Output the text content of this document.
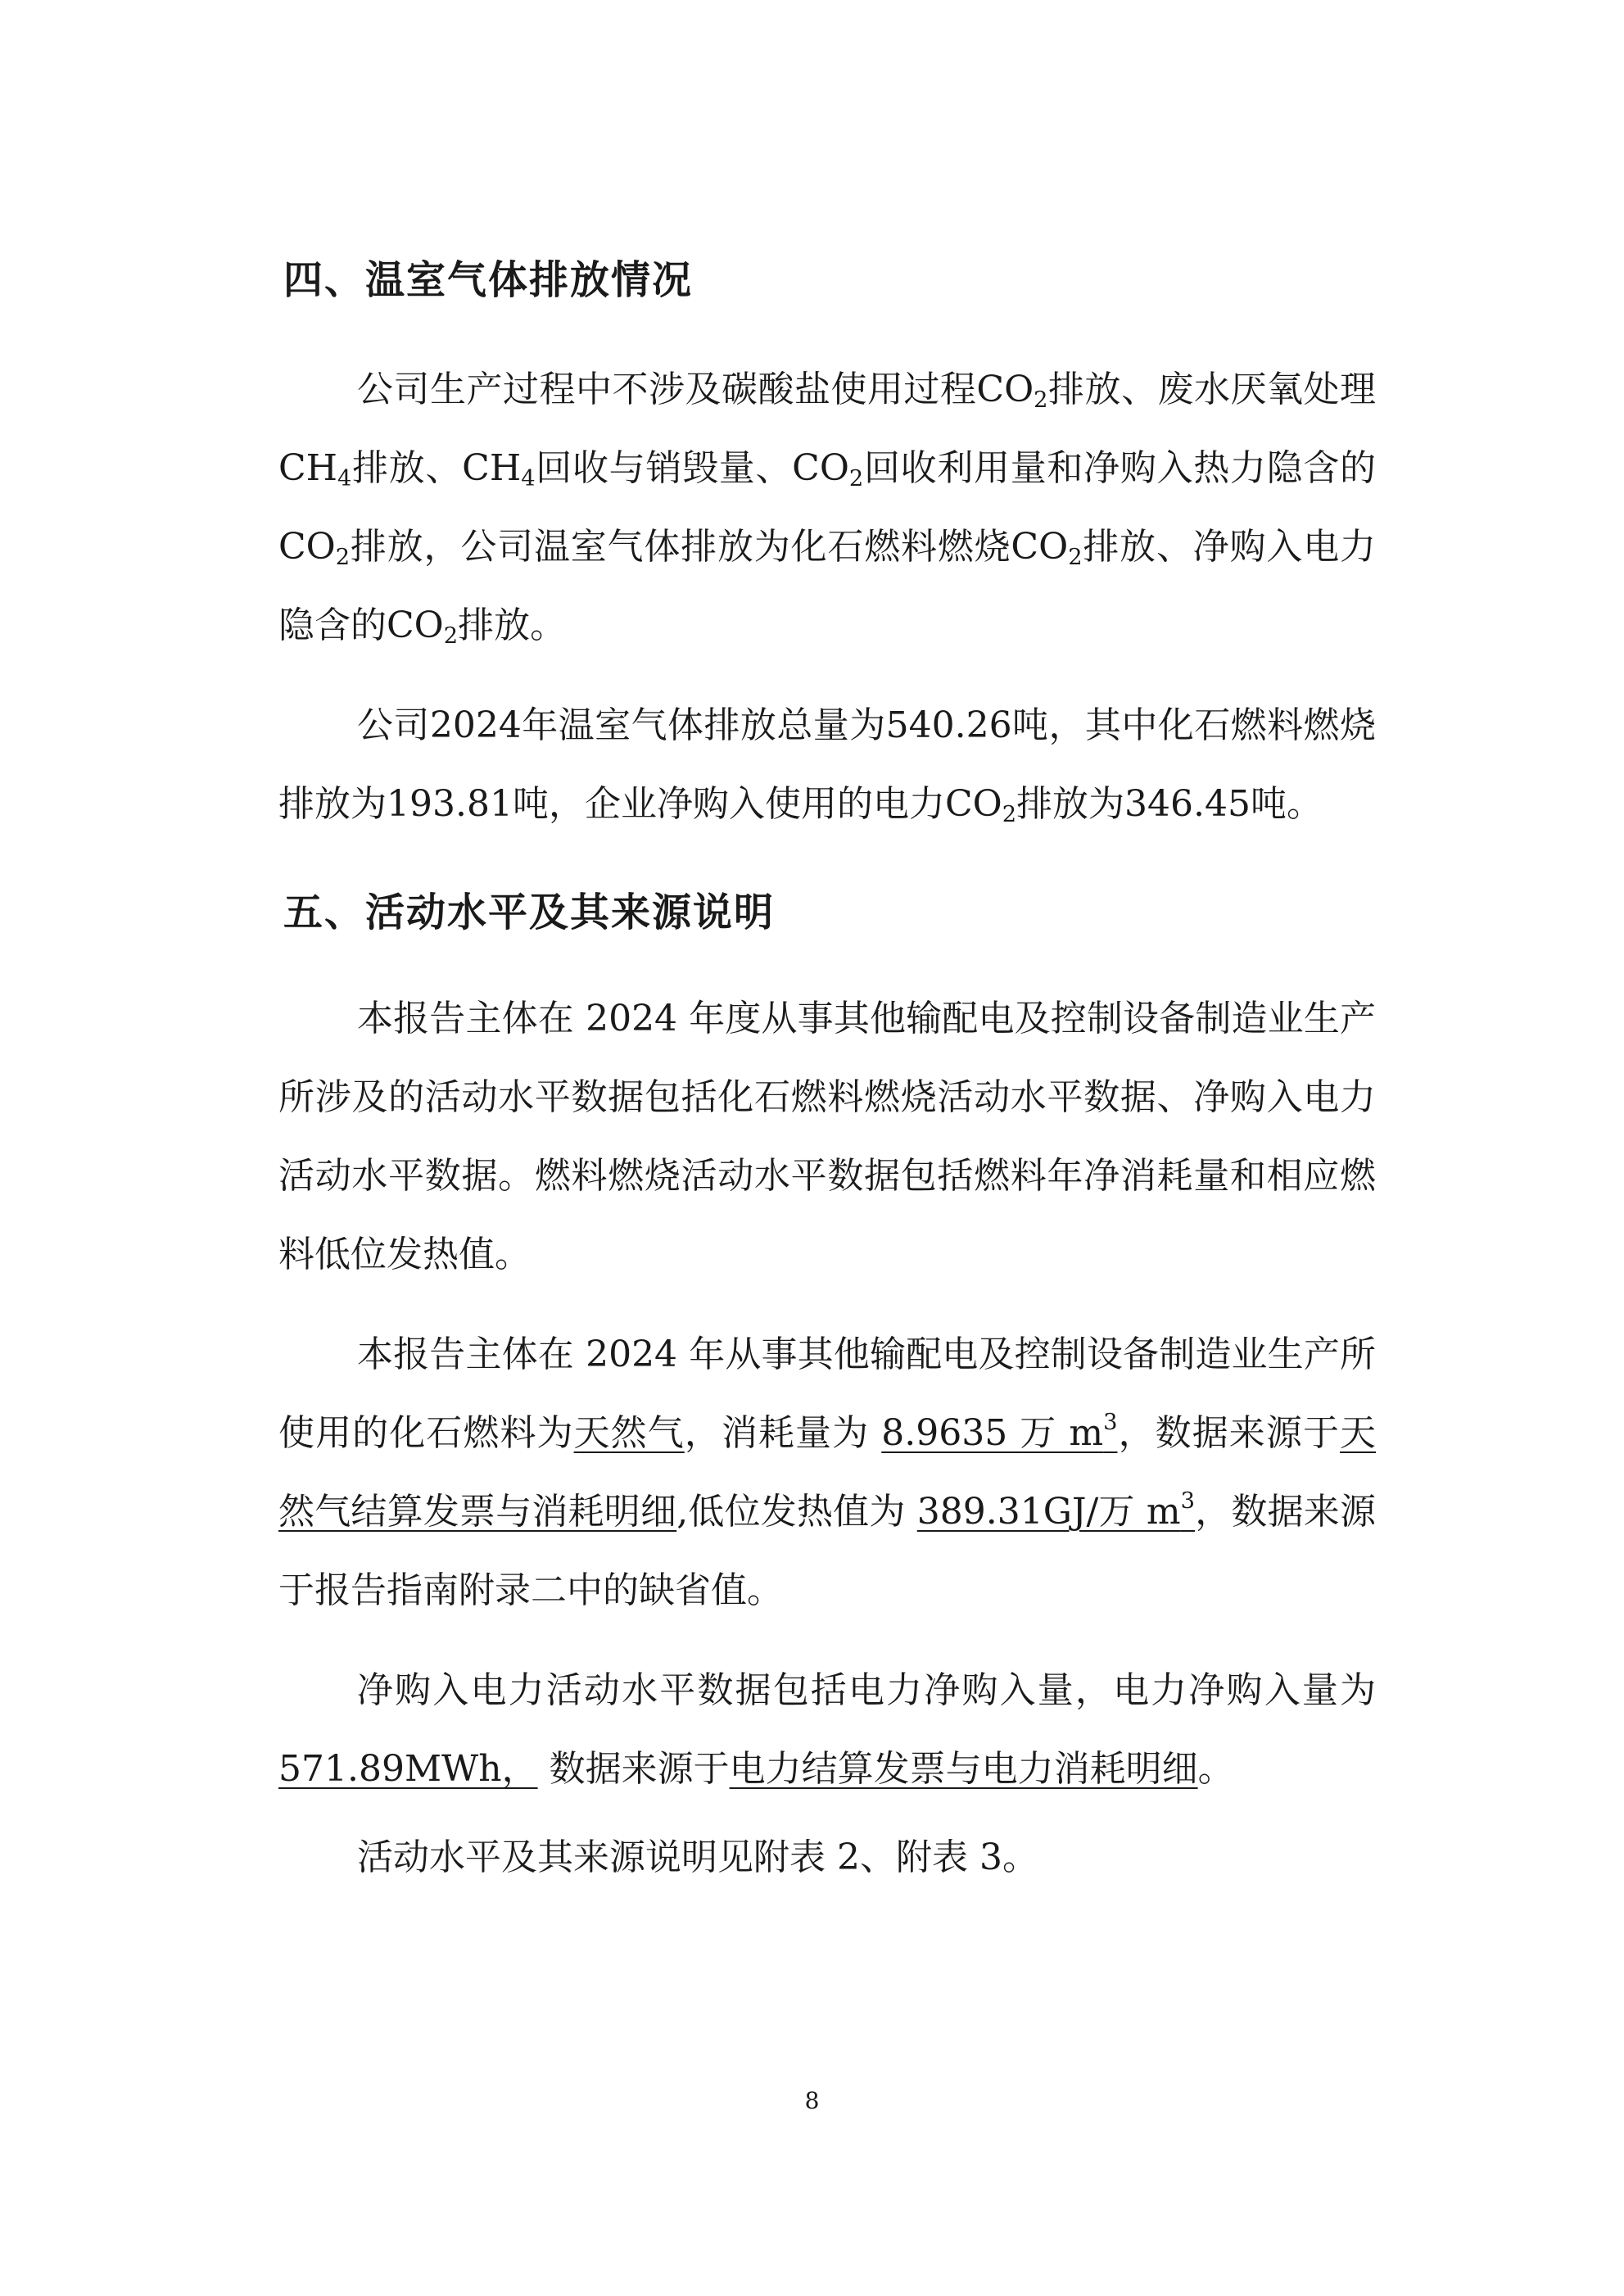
四、温室气体排放情况

公司生产过程中不涉及碳酸盐使用过程$CO_2$排放、废水厌氧处理$CH_4$排放、$CH_4$回收与销毁量、$CO_2$回收利用量和净购入热力隐含的$CO_2$排放，公司温室气体排放为化石燃料燃烧$CO_2$排放、净购入电力隐含的$CO_2$排放。

公司2024年温室气体排放总量为540.26吨，其中化石燃料燃烧排放为193.81吨，企业净购入使用的电力$CO_2$排放为346.45吨。

五、活动水平及其来源说明

本报告主体在 2024 年度从事其他输配电及控制设备制造业生产所涉及的活动水平数据包括化石燃料燃烧活动水平数据、净购入电力活动水平数据。燃料燃烧活动水平数据包括燃料年净消耗量和相应燃料低位发热值。

本报告主体在 2024 年从事其他输配电及控制设备制造业生产所使用的化石燃料为天然气，消耗量为 8.9635 万 $m^3$，数据来源于天然气结算发票与消耗明细,低位发热值为 389.31GJ/万 $m^3$，数据来源于报告指南附录二中的缺省值。

净购入电力活动水平数据包括电力净购入量，电力净购入量为 571.89MWh， 数据来源于电力结算发票与电力消耗明细。

活动水平及其来源说明见附表 2、附表 3。

8
